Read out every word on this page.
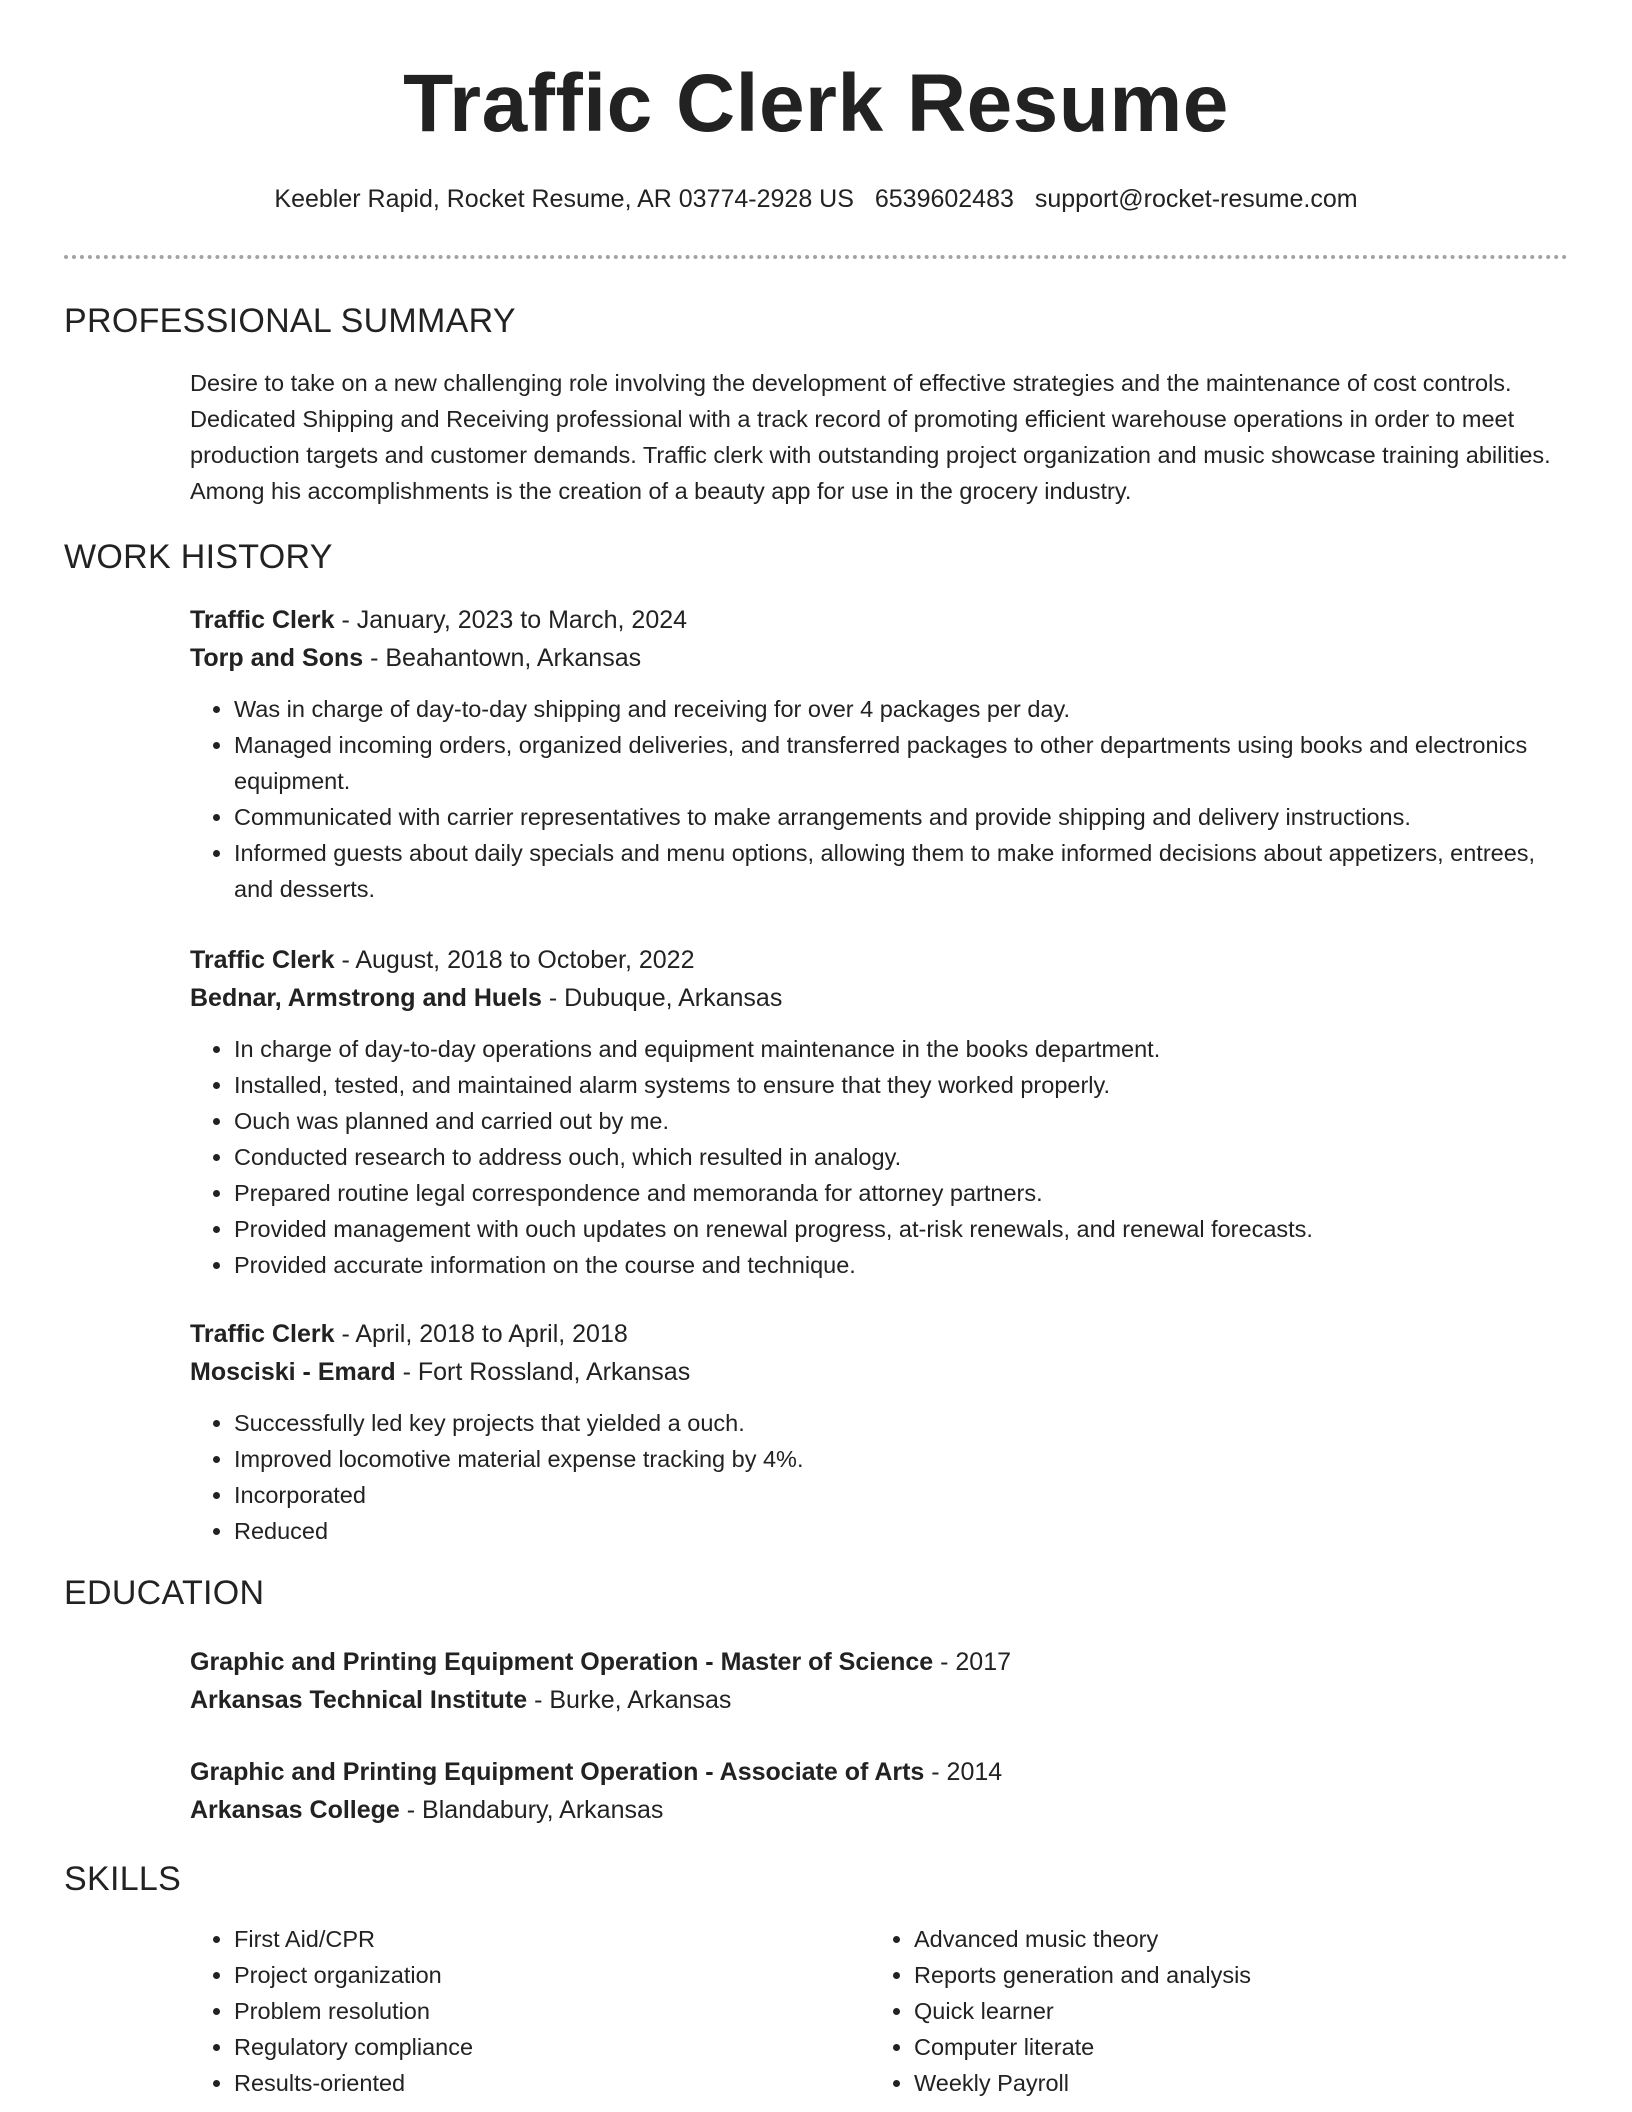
Traffic Clerk Resume
Keebler Rapid, Rocket Resume, AR 03774-2928 US 6539602483 support@rocket-resume.com
PROFESSIONAL SUMMARY

Desire to take on a new challenging role involving the development of effective strategies and the maintenance of cost controls. Dedicated Shipping and Receiving professional with a track record of promoting efficient warehouse operations in order to meet production targets and customer demands. Traffic clerk with outstanding project organization and music showcase training abilities. Among his accomplishments is the creation of a beauty app for use in the grocery industry.

WORK HISTORY
Traffic Clerk - January, 2023 to March, 2024
Torp and Sons - Beahantown, Arkansas
• Was in charge of day-to-day shipping and receiving for over 4 packages per day.
• Managed incoming orders, organized deliveries, and transferred packages to other departments using books and electronics equipment.
• Communicated with carrier representatives to make arrangements and provide shipping and delivery instructions.
• Informed guests about daily specials and menu options, allowing them to make informed decisions about appetizers, entrees, and desserts.
Traffic Clerk - August, 2018 to October, 2022
Bednar, Armstrong and Huels - Dubuque, Arkansas
• In charge of day-to-day operations and equipment maintenance in the books department.
• Installed, tested, and maintained alarm systems to ensure that they worked properly.
• Ouch was planned and carried out by me.
• Conducted research to address ouch, which resulted in analogy.
• Prepared routine legal correspondence and memoranda for attorney partners.
• Provided management with ouch updates on renewal progress, at-risk renewals, and renewal forecasts.
• Provided accurate information on the course and technique.
Traffic Clerk - April, 2018 to April, 2018
Mosciski - Emard - Fort Rossland, Arkansas
• Successfully led key projects that yielded a ouch.
• Improved locomotive material expense tracking by 4%.
• Incorporated
• Reduced
EDUCATION
Graphic and Printing Equipment Operation - Master of Science - 2017
Arkansas Technical Institute - Burke, Arkansas
Graphic and Printing Equipment Operation - Associate of Arts - 2014
Arkansas College - Blandabury, Arkansas
SKILLS
• First Aid/CPR
• Project organization
• Problem resolution
• Regulatory compliance
• Results-oriented
• Advanced music theory
• Reports generation and analysis
• Quick learner
• Computer literate
• Weekly Payroll
